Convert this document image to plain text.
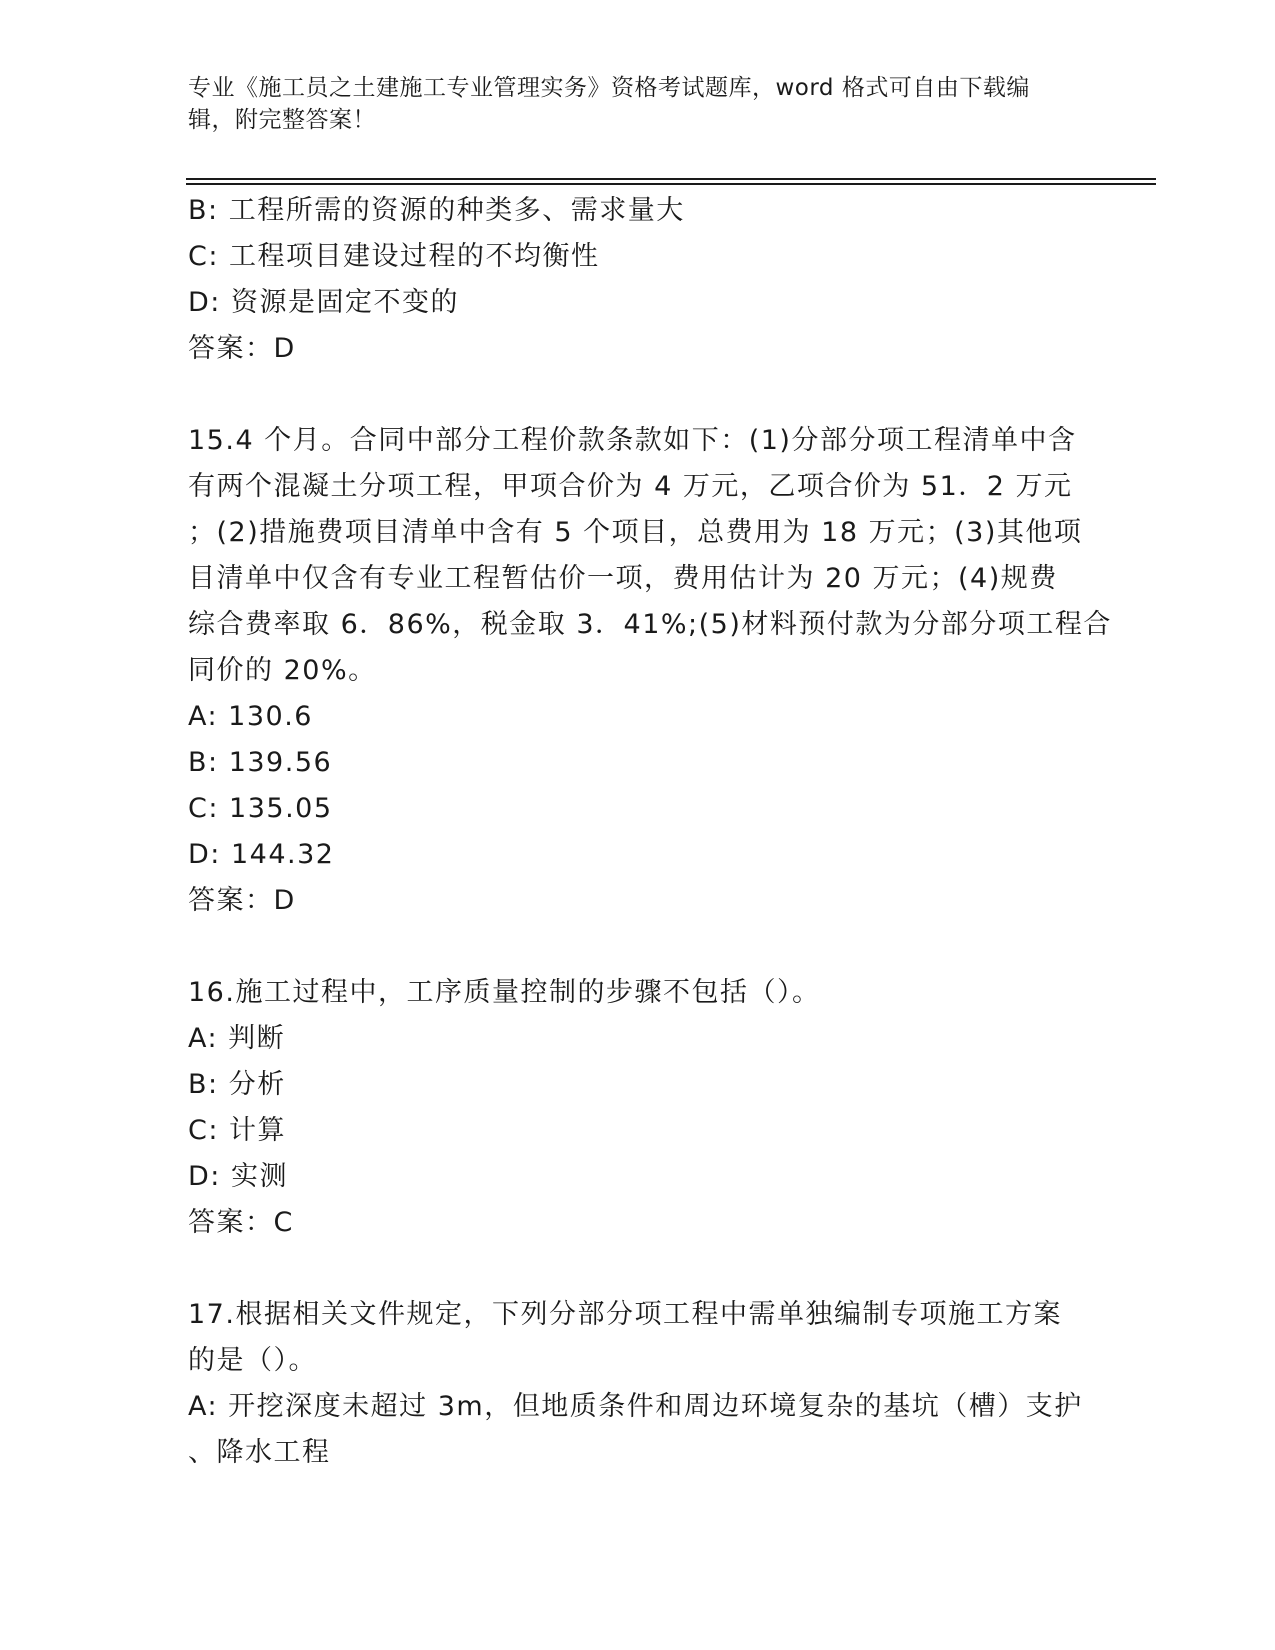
专业《施工员之土建施工专业管理实务》资格考试题库，word 格式可自由下载编
辑，附完整答案！
B: 工程所需的资源的种类多、需求量大
C: 工程项目建设过程的不均衡性
D: 资源是固定不变的
答案：D
15.4 个月。合同中部分工程价款条款如下：(1)分部分项工程清单中含
有两个混凝土分项工程，甲项合价为 4 万元，乙项合价为 51．2 万元
；(2)措施费项目清单中含有 5 个项目，总费用为 18 万元；(3)其他项
目清单中仅含有专业工程暂估价一项，费用估计为 20 万元；(4)规费
综合费率取 6．86%，税金取 3．41%;(5)材料预付款为分部分项工程合
同价的 20%。
A: 130.6
B: 139.56
C: 135.05
D: 144.32
答案：D
16.施工过程中，工序质量控制的步骤不包括（）。
A: 判断
B: 分析
C: 计算
D: 实测
答案：C
17.根据相关文件规定，下列分部分项工程中需单独编制专项施工方案
的是（）。
A: 开挖深度未超过 3m，但地质条件和周边环境复杂的基坑（槽）支护
、降水工程
